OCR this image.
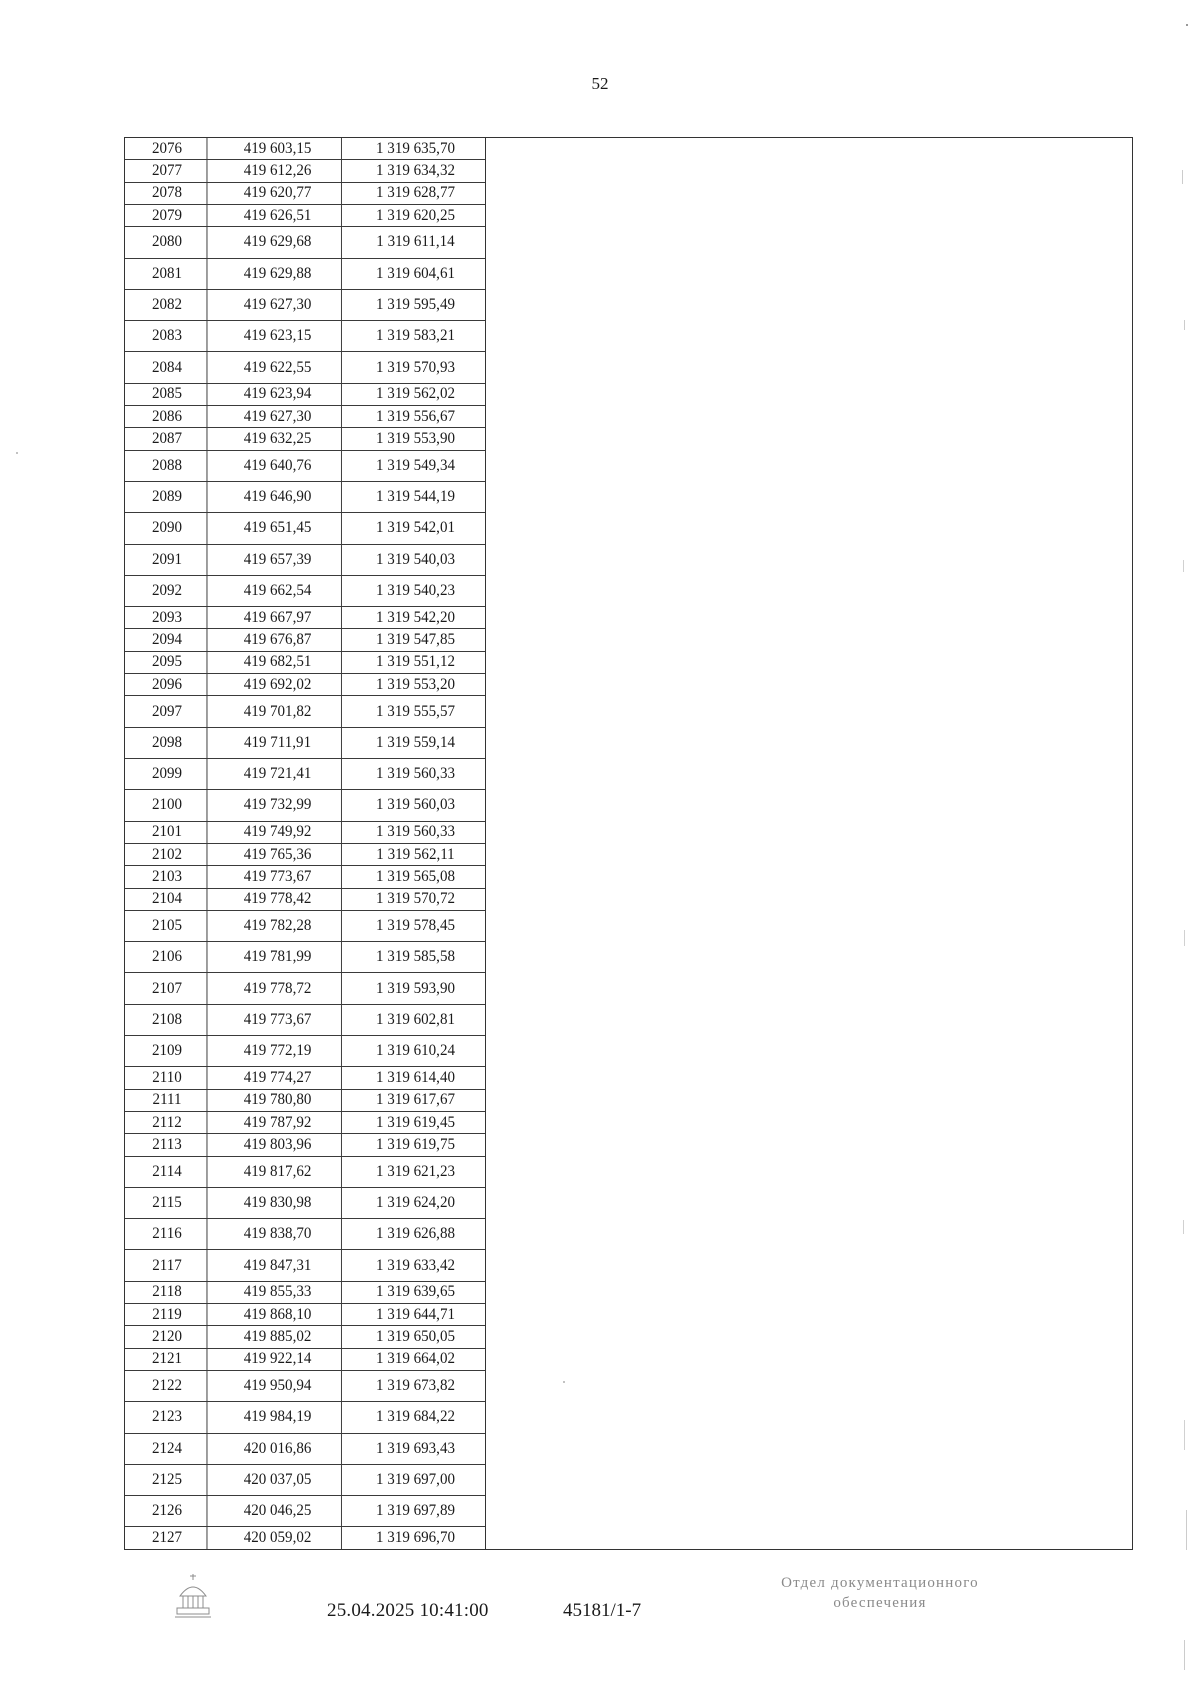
52
2076	419 603,15	1 319 635,70
2077	419 612,26	1 319 634,32
2078	419 620,77	1 319 628,77
2079	419 626,51	1 319 620,25
2080	419 629,68	1 319 611,14
2081	419 629,88	1 319 604,61
2082	419 627,30	1 319 595,49
2083	419 623,15	1 319 583,21
2084	419 622,55	1 319 570,93
2085	419 623,94	1 319 562,02
2086	419 627,30	1 319 556,67
2087	419 632,25	1 319 553,90
2088	419 640,76	1 319 549,34
2089	419 646,90	1 319 544,19
2090	419 651,45	1 319 542,01
2091	419 657,39	1 319 540,03
2092	419 662,54	1 319 540,23
2093	419 667,97	1 319 542,20
2094	419 676,87	1 319 547,85
2095	419 682,51	1 319 551,12
2096	419 692,02	1 319 553,20
2097	419 701,82	1 319 555,57
2098	419 711,91	1 319 559,14
2099	419 721,41	1 319 560,33
2100	419 732,99	1 319 560,03
2101	419 749,92	1 319 560,33
2102	419 765,36	1 319 562,11
2103	419 773,67	1 319 565,08
2104	419 778,42	1 319 570,72
2105	419 782,28	1 319 578,45
2106	419 781,99	1 319 585,58
2107	419 778,72	1 319 593,90
2108	419 773,67	1 319 602,81
2109	419 772,19	1 319 610,24
2110	419 774,27	1 319 614,40
2111	419 780,80	1 319 617,67
2112	419 787,92	1 319 619,45
2113	419 803,96	1 319 619,75
2114	419 817,62	1 319 621,23
2115	419 830,98	1 319 624,20
2116	419 838,70	1 319 626,88
2117	419 847,31	1 319 633,42
2118	419 855,33	1 319 639,65
2119	419 868,10	1 319 644,71
2120	419 885,02	1 319 650,05
2121	419 922,14	1 319 664,02
2122	419 950,94	1 319 673,82
2123	419 984,19	1 319 684,22
2124	420 016,86	1 319 693,43
2125	420 037,05	1 319 697,00
2126	420 046,25	1 319 697,89
2127	420 059,02	1 319 696,70
25.04.2025 10:41:00	45181/1-7
Отдел документационного
обеспечения
